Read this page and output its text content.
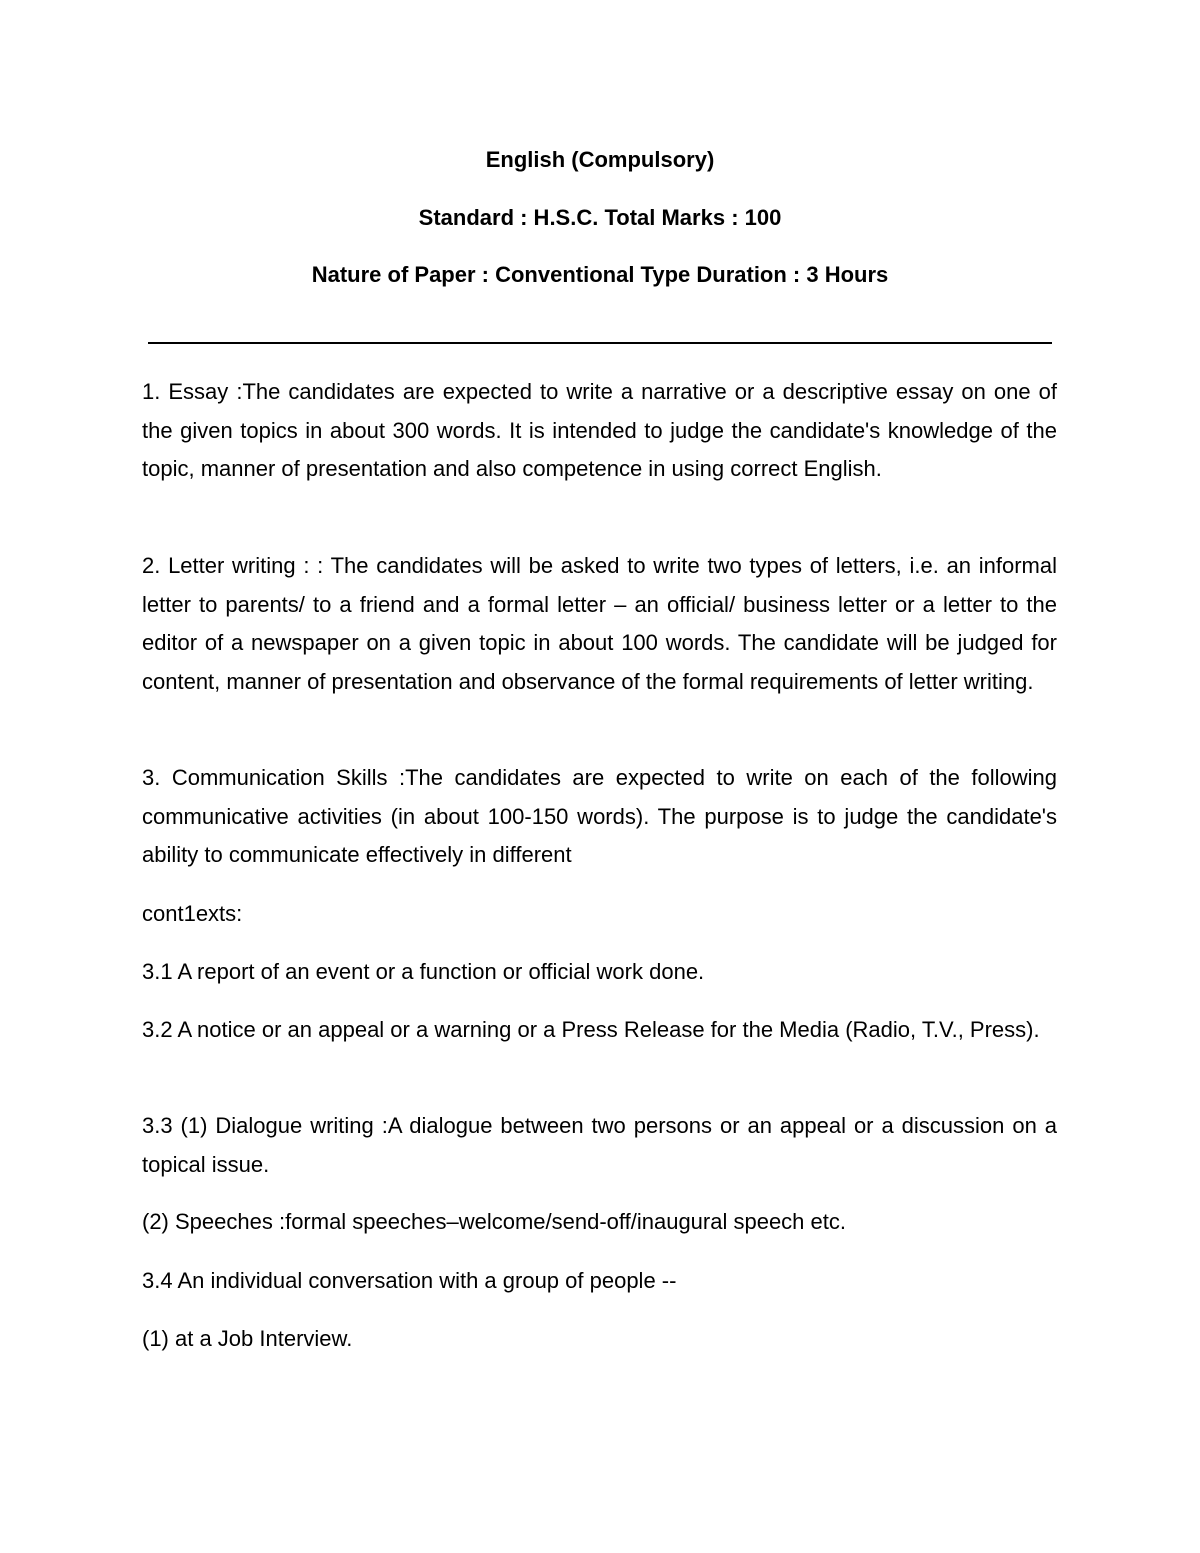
English (Compulsory)
Standard : H.S.C. Total Marks : 100
Nature of Paper : Conventional Type Duration : 3 Hours

1. Essay :The candidates are expected to write a narrative or a descriptive essay on one of the given topics in about 300 words. It is intended to judge the candidate's knowledge of the topic, manner of presentation and also competence in using correct English.

2. Letter writing : : The candidates will be asked to write two types of letters, i.e. an informal letter to parents/ to a friend and a formal letter – an official/ business letter or a letter to the editor of a newspaper on a given topic in about 100 words. The candidate will be judged for content, manner of presentation and observance of the formal requirements of letter writing.

3. Communication Skills :The candidates are expected to write on each of the following communicative activities (in about 100-150 words). The purpose is to judge the candidate's ability to communicate effectively in different

cont1exts:

3.1 A report of an event or a function or official work done.

3.2 A notice or an appeal or a warning or a Press Release for the Media (Radio, T.V., Press).

3.3 (1) Dialogue writing :A dialogue between two persons or an appeal or a discussion on a topical issue.

(2) Speeches :formal speeches–welcome/send-off/inaugural speech etc.

3.4 An individual conversation with a group of people --

(1) at a Job Interview.
